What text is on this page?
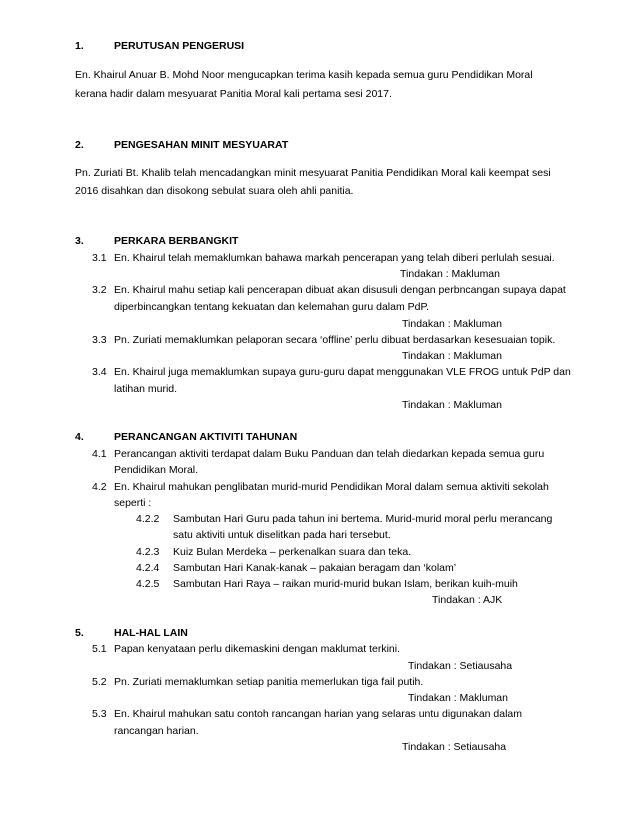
1.	PERUTUSAN PENGERUSI
En. Khairul Anuar B. Mohd Noor mengucapkan terima kasih kepada semua guru Pendidikan Moral
kerana hadir dalam mesyuarat Panitia Moral kali pertama sesi 2017.
2.	PENGESAHAN MINIT MESYUARAT
Pn. Zuriati Bt. Khalib telah mencadangkan minit mesyuarat Panitia Pendidikan Moral kali keempat sesi
2016 disahkan dan disokong sebulat suara oleh ahli panitia.
3.	PERKARA BERBANGKIT
3.1 En. Khairul telah memaklumkan bahawa markah pencerapan yang telah diberi perlulah sesuai.
Tindakan : Makluman
3.2 En. Khairul mahu setiap kali pencerapan dibuat akan disusuli dengan perbncangan supaya dapat
diperbincangkan tentang kekuatan dan kelemahan guru dalam PdP.
Tindakan : Makluman
3.3 Pn. Zuriati memaklumkan pelaporan secara ‘offline’ perlu dibuat berdasarkan kesesuaian topik.
Tindakan : Makluman
3.4 En. Khairul juga memaklumkan supaya guru-guru dapat menggunakan VLE FROG untuk PdP dan
latihan murid.
Tindakan : Makluman
4.	PERANCANGAN AKTIVITI TAHUNAN
4.1 Perancangan aktiviti terdapat dalam Buku Panduan dan telah diedarkan kepada semua guru
Pendidikan Moral.
4.2 En. Khairul mahukan penglibatan murid-murid Pendidikan Moral dalam semua aktiviti sekolah
seperti :
4.2.2 Sambutan Hari Guru pada tahun ini bertema. Murid-murid moral perlu merancang
satu aktiviti untuk diselitkan pada hari tersebut.
4.2.3 Kuiz Bulan Merdeka – perkenalkan suara dan teka.
4.2.4 Sambutan Hari Kanak-kanak – pakaian beragam dan ‘kolam’
4.2.5 Sambutan Hari Raya – raikan murid-murid bukan Islam, berikan kuih-muih
Tindakan : AJK
5.	HAL-HAL LAIN
5.1 Papan kenyataan perlu dikemaskini dengan maklumat terkini.
Tindakan : Setiausaha
5.2 Pn. Zuriati memaklumkan setiap panitia memerlukan tiga fail putih.
Tindakan : Makluman
5.3 En. Khairul mahukan satu contoh rancangan harian yang selaras untu digunakan dalam
rancangan harian.
Tindakan : Setiausaha
